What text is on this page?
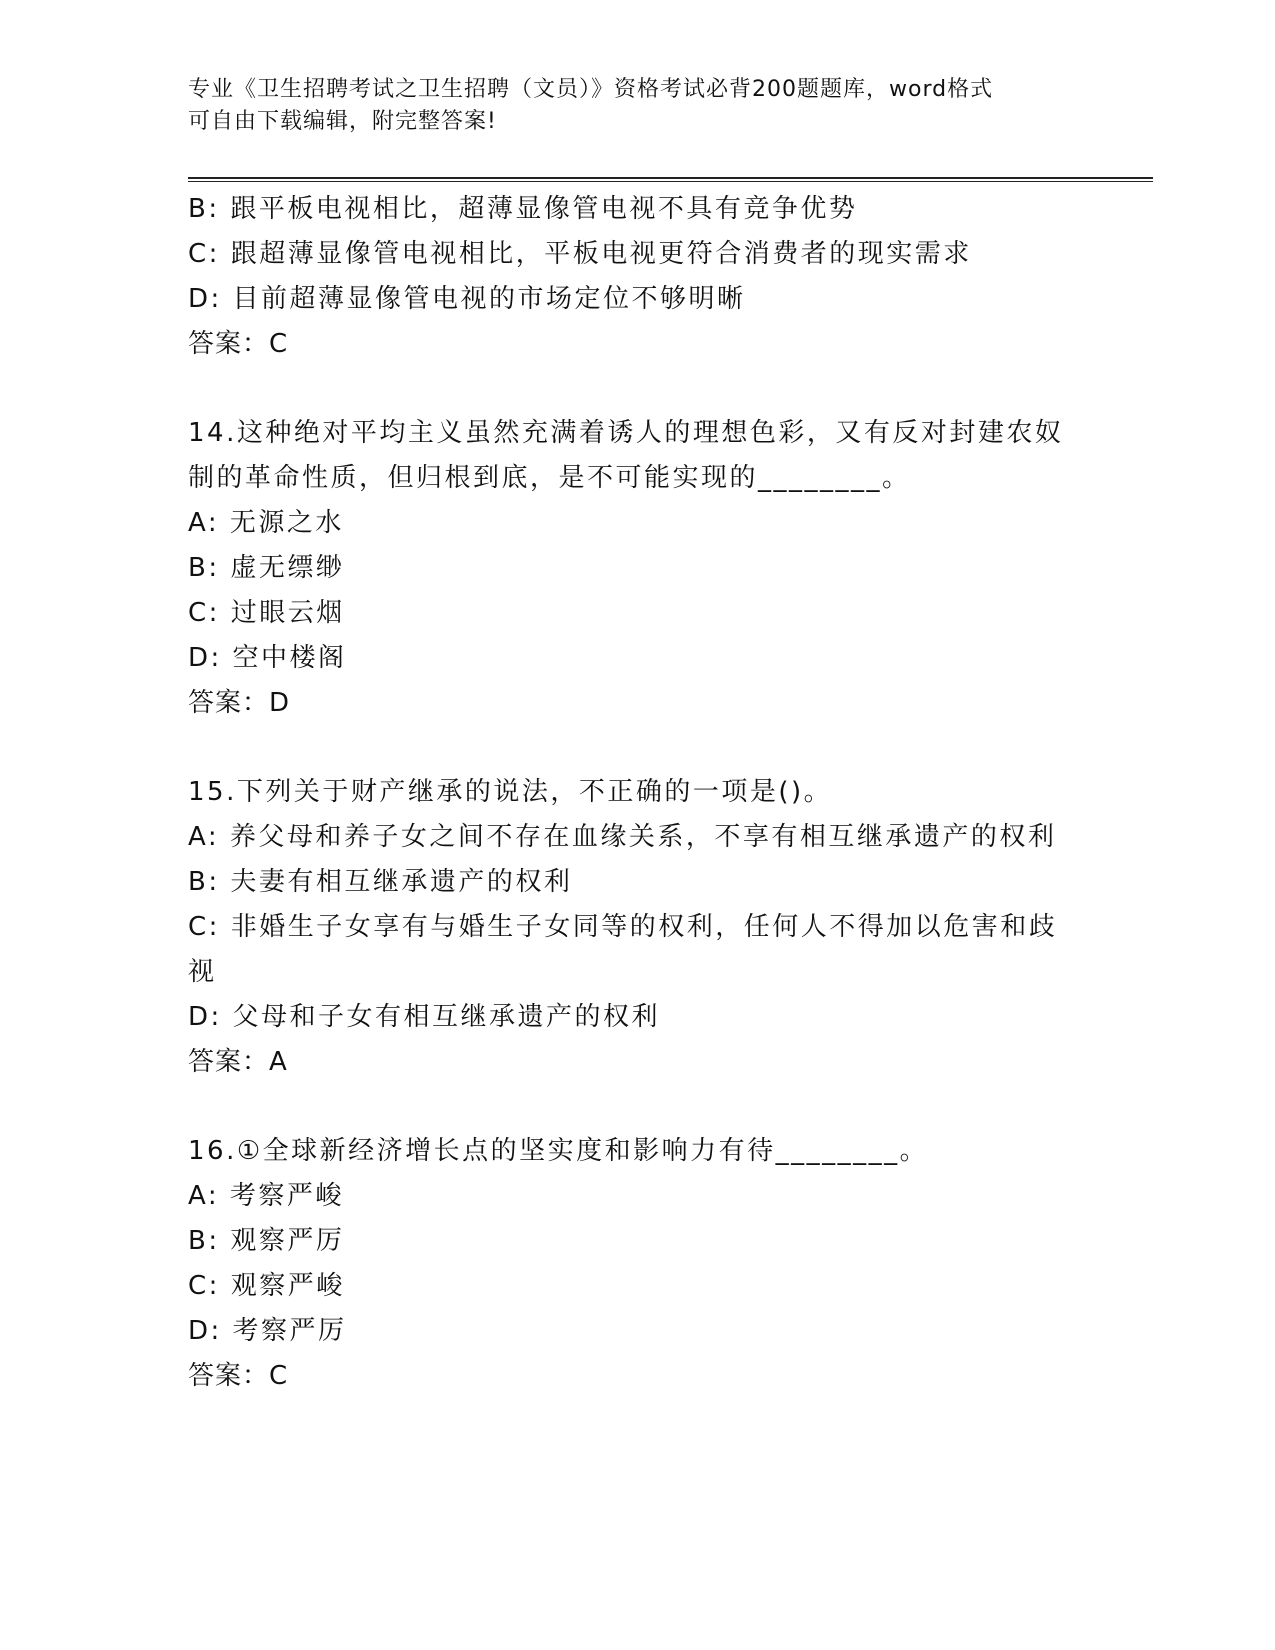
专业《卫生招聘考试之卫生招聘（文员）》资格考试必背200题题库，word格式
可自由下载编辑，附完整答案!
B: 跟平板电视相比，超薄显像管电视不具有竞争优势
C: 跟超薄显像管电视相比，平板电视更符合消费者的现实需求
D: 目前超薄显像管电视的市场定位不够明晰
答案：C
14.这种绝对平均主义虽然充满着诱人的理想色彩，又有反对封建农奴
制的革命性质，但归根到底，是不可能实现的________。
A: 无源之水
B: 虚无缥缈
C: 过眼云烟
D: 空中楼阁
答案：D
15.下列关于财产继承的说法，不正确的一项是()。
A: 养父母和养子女之间不存在血缘关系，不享有相互继承遗产的权利
B: 夫妻有相互继承遗产的权利
C: 非婚生子女享有与婚生子女同等的权利，任何人不得加以危害和歧
视
D: 父母和子女有相互继承遗产的权利
答案：A
16.①全球新经济增长点的坚实度和影响力有待________。
A: 考察严峻
B: 观察严厉
C: 观察严峻
D: 考察严厉
答案：C
